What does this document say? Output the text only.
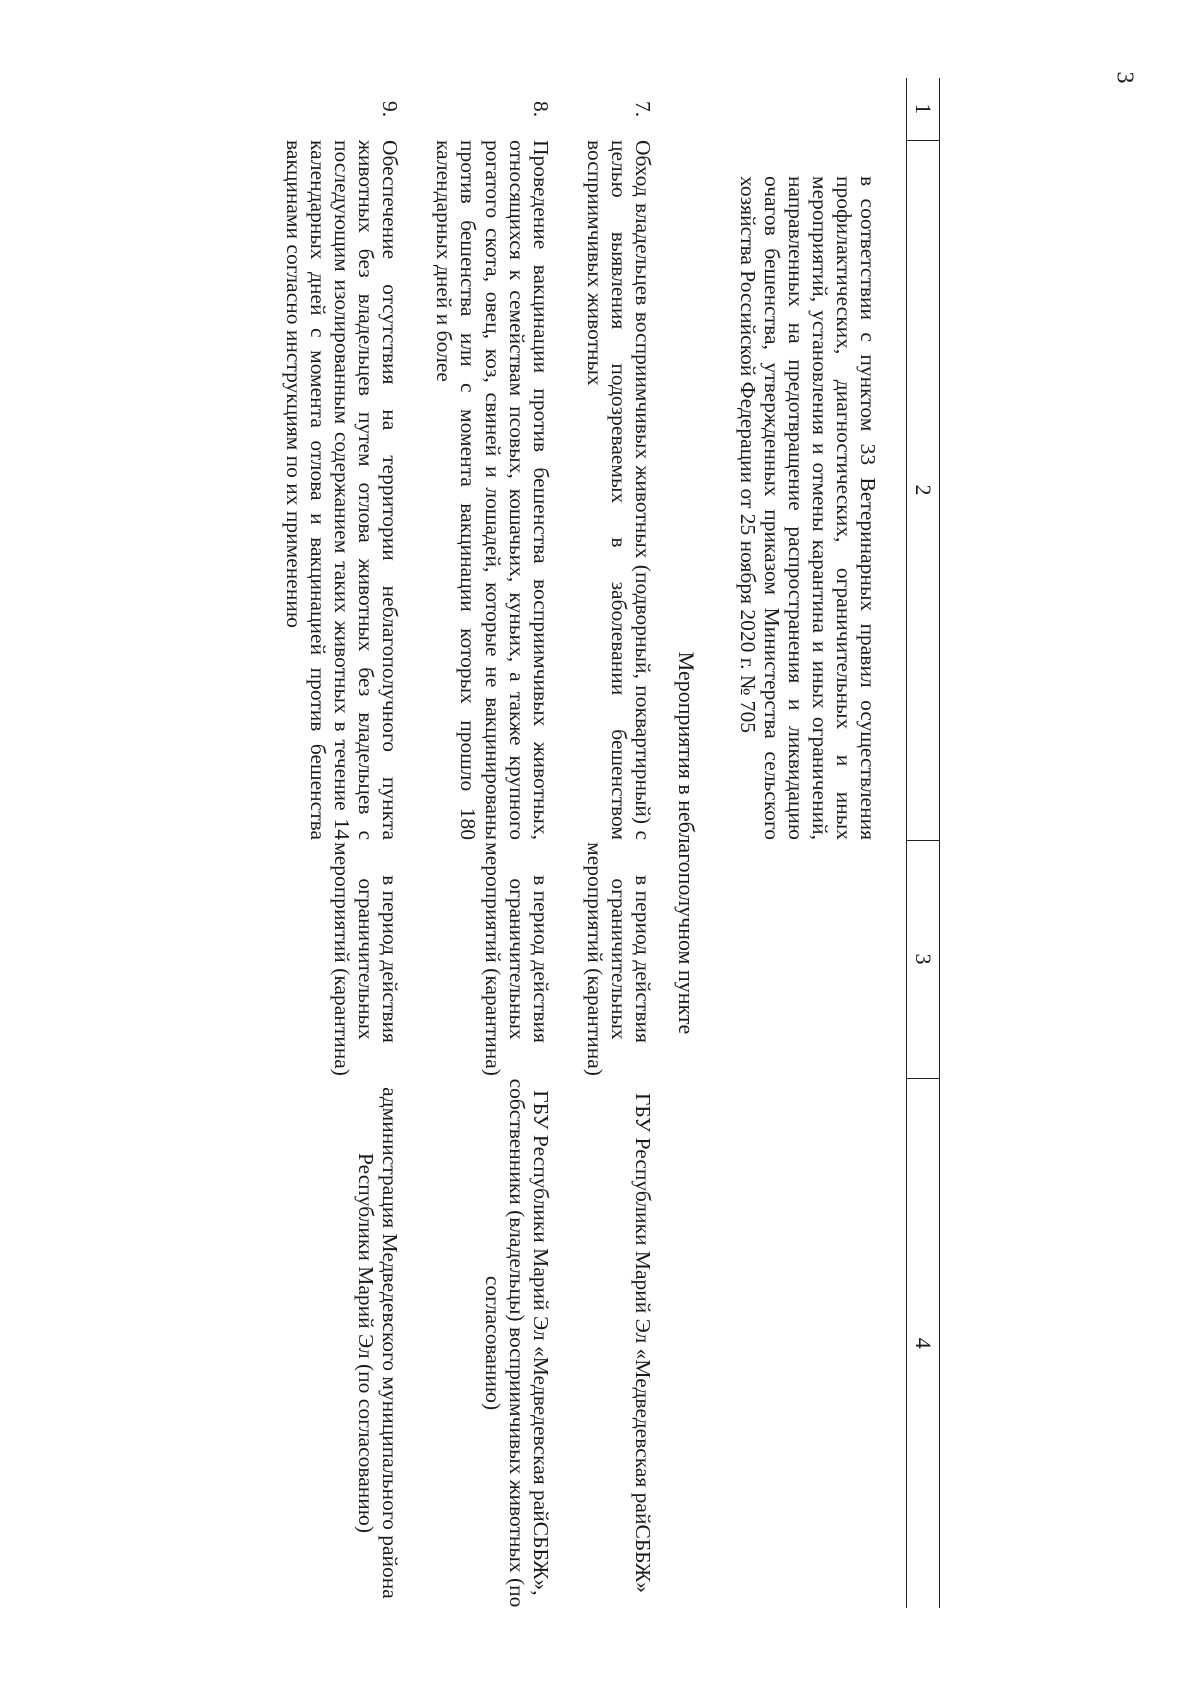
3
1	2	3	4
	в соответствии с пунктом 33 Ветеринарных правил осуществления профилактических, диагностических, ограничительных и иных мероприятий, установления и отмены карантина и иных ограничений, направленных на предотвращение распространения и ликвидацию очагов бешенства, утвержденных приказом Министерства сельского хозяйства Российской Федерации от 25 ноября 2020 г. № 705		
Мероприятия в неблагополучном пункте			
7.	Обход владельцев восприимчивых животных (подворный, поквартирный) с целью выявления подозреваемых в заболевании бешенством восприимчивых животных	в период действия ограничительных мероприятий (карантина)	ГБУ Республики Марий Эл «Медведевская райСББЖ»
8.	Проведение вакцинации против бешенства восприимчивых животных, относящихся к семействам псовых, кошачьих, куньих, а также крупного рогатого скота, овец, коз, свиней и лошадей, которые не вакцинированы против бешенства или с момента вакцинации которых прошло 180 календарных дней и более	в период действия ограничительных мероприятий (карантина)	ГБУ Республики Марий Эл «Медведевская райСББЖ», собственники (владельцы) восприимчивых животных (по согласованию)
9.	Обеспечение отсутствия на территории неблагополучного пункта животных без владельцев путем отлова животных без владельцев с последующим изолированным содержанием таких животных в течение 14 календарных дней с момента отлова и вакцинацией против бешенства вакцинами согласно инструкциям по их применению	в период действия ограничительных мероприятий (карантина)	администрация Медведевского муниципального района Республики Марий Эл (по согласованию)
